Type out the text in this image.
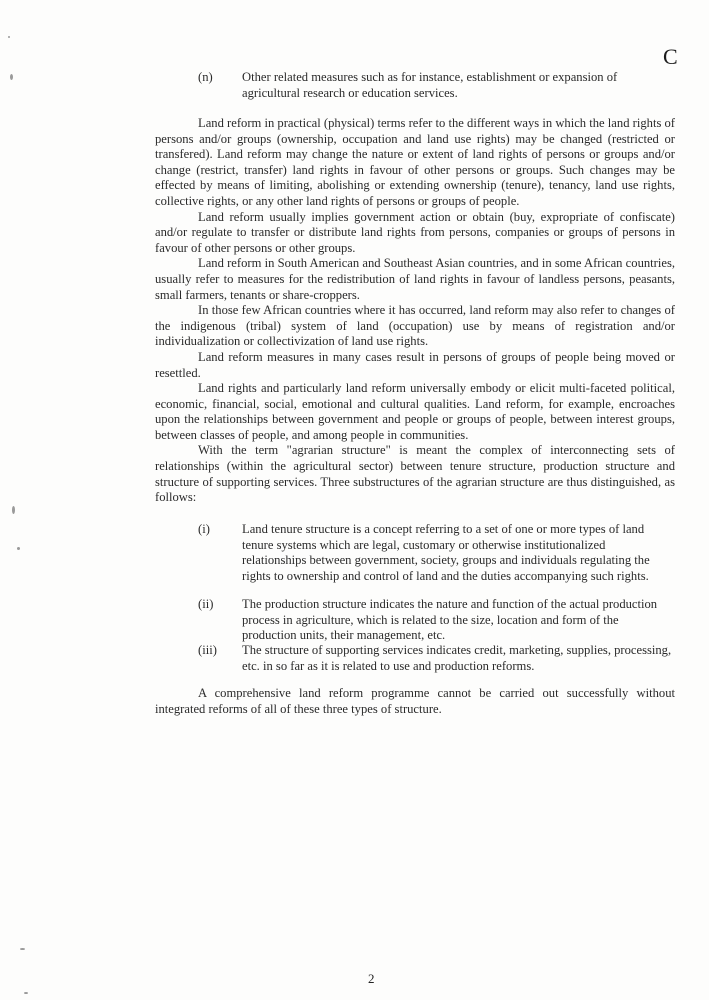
C
(n) Other related measures such as for instance, establishment or expansion of agricultural research or education services.

Land reform in practical (physical) terms refer to the different ways in which the land rights of persons and/or groups (ownership, occupation and land use rights) may be changed (restricted or transfered). Land reform may change the nature or extent of land rights of persons or groups and/or change (restrict, transfer) land rights in favour of other persons or groups. Such changes may be effected by means of limiting, abolishing or extending ownership (tenure), tenancy, land use rights, collective rights, or any other land rights of persons or groups of people.

Land reform usually implies government action or obtain (buy, expropriate of confiscate) and/or regulate to transfer or distribute land rights from persons, companies or groups of persons in favour of other persons or other groups.

Land reform in South American and Southeast Asian countries, and in some African countries, usually refer to measures for the redistribution of land rights in favour of landless persons, peasants, small farmers, tenants or share-croppers.

In those few African countries where it has occurred, land reform may also refer to changes of the indigenous (tribal) system of land (occupation) use by means of registration and/or individualization or collectivization of land use rights.

Land reform measures in many cases result in persons of groups of people being moved or resettled.

Land rights and particularly land reform universally embody or elicit multi-faceted political, economic, financial, social, emotional and cultural qualities. Land reform, for example, encroaches upon the relationships between government and people or groups of people, between interest groups, between classes of people, and among people in communities.

With the term "agrarian structure" is meant the complex of interconnecting sets of relationships (within the agricultural sector) between tenure structure, production structure and structure of supporting services. Three substructures of the agrarian structure are thus distinguished, as follows:

(i)	Land tenure structure is a concept referring to a set of one or more types of land tenure systems which are legal, customary or otherwise institutionalized relationships between government, society, groups and individuals regulating the rights to ownership and control of land and the duties accompanying such rights.
(ii) The production structure indicates the nature and function of the actual production process in agriculture, which is related to the size, location and form of the production units, their management, etc.
(iii) The structure of supporting services indicates credit, marketing, supplies, processing, etc. in so far as it is related to use and production reforms.

A comprehensive land reform programme cannot be carried out successfully without integrated reforms of all of these three types of structure.

2
